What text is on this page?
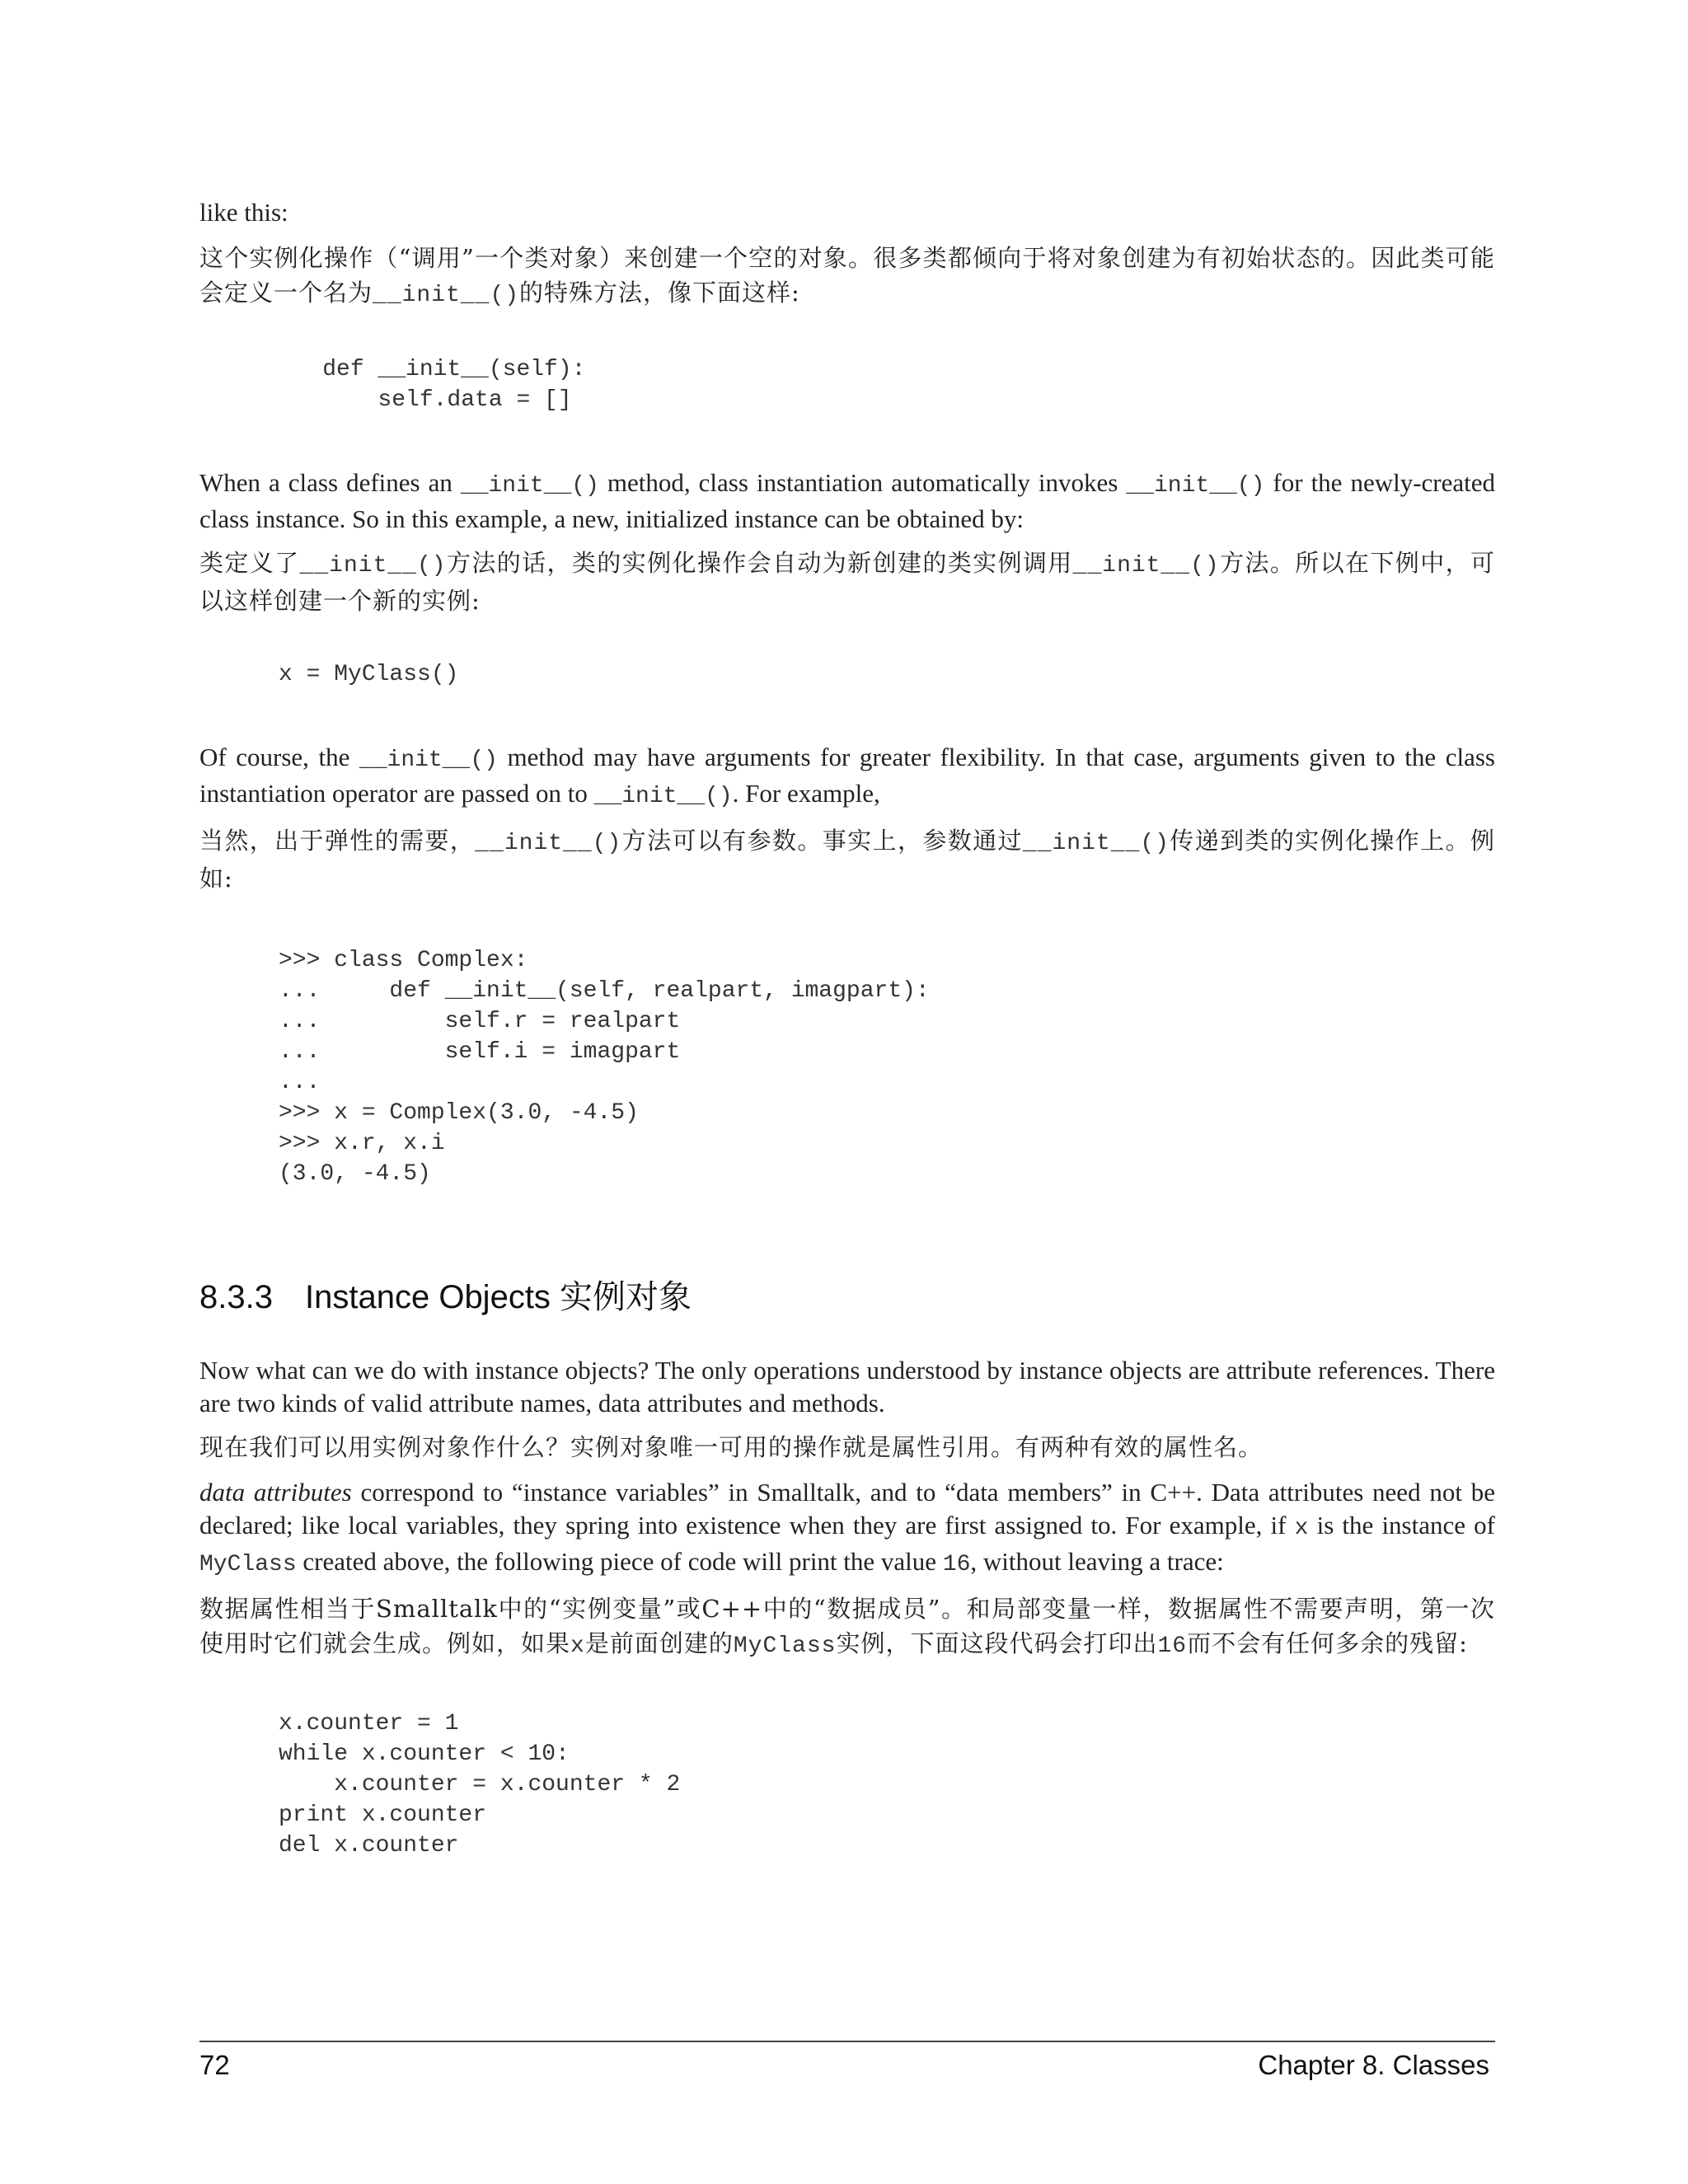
like this:

这个实例化操作（“调用”一个类对象）来创建一个空的对象。很多类都倾向于将对象创建为有初始状态的。因此类可能会定义一个名为__init__()的特殊方法，像下面这样:

def __init__(self):
self.data = []

When a class defines an __init__() method, class instantiation automatically invokes __init__() for the newly-created class instance. So in this example, a new, initialized instance can be obtained by:

类定义了__init__()方法的话，类的实例化操作会自动为新创建的类实例调用__init__()方法。所以在下例中，可以这样创建一个新的实例:

x = MyClass()

Of course, the __init__() method may have arguments for greater flexibility. In that case, arguments given to the class instantiation operator are passed on to __init__(). For example,

当然，出于弹性的需要，__init__()方法可以有参数。事实上，参数通过__init__()传递到类的实例化操作上。例如:

>>> class Complex:
...     def __init__(self, realpart, imagpart):
...         self.r = realpart
...         self.i = imagpart
...
>>> x = Complex(3.0, -4.5)
>>> x.r, x.i
(3.0, -4.5)
8.3.3 Instance Objects 实例对象

Now what can we do with instance objects? The only operations understood by instance objects are attribute references. There are two kinds of valid attribute names, data attributes and methods.

现在我们可以用实例对象作什么？实例对象唯一可用的操作就是属性引用。有两种有效的属性名。

data attributes correspond to “instance variables” in Smalltalk, and to “data members” in C++. Data attributes need not be declared; like local variables, they spring into existence when they are first assigned to. For example, if x is the instance of MyClass created above, the following piece of code will print the value 16, without leaving a trace:

数据属性相当于Smalltalk中的“实例变量”或C++中的“数据成员”。和局部变量一样，数据属性不需要声明，第一次使用时它们就会生成。例如，如果x是前面创建的MyClass实例，下面这段代码会打印出16而不会有任何多余的残留:

x.counter = 1
while x.counter < 10:
x.counter = x.counter * 2
print x.counter
del x.counter
72	Chapter 8. Classes
